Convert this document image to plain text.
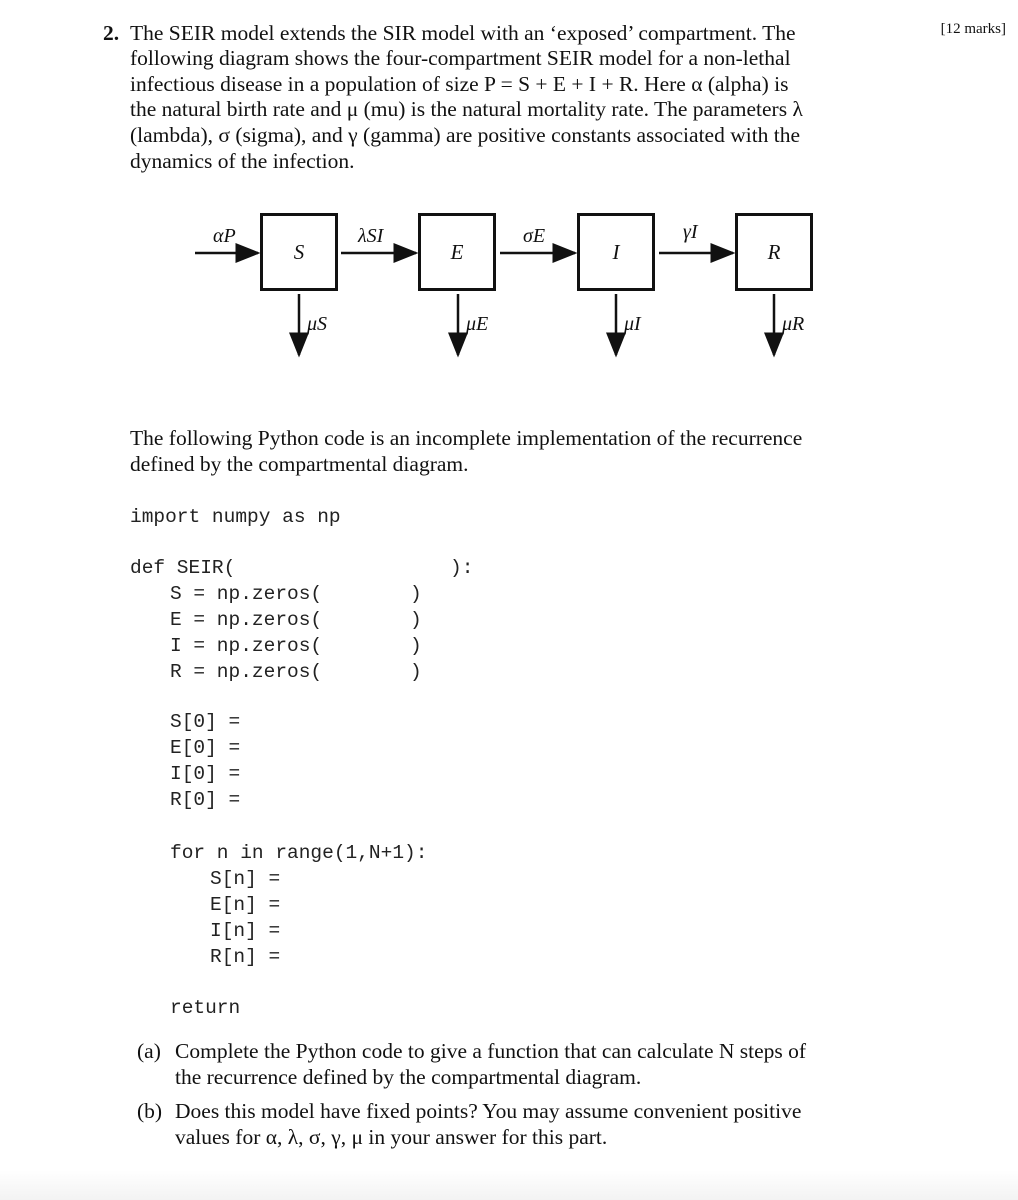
2.	[12 marks]
The SEIR model extends the SIR model with an ‘exposed’ compartment. The
following diagram shows the four-compartment SEIR model for a non-lethal
infectious disease in a population of size P = S + E + I + R. Here α (alpha) is
the natural birth rate and μ (mu) is the natural mortality rate. The parameters λ
(lambda), σ (sigma), and γ (gamma) are positive constants associated with the
dynamics of the infection.
S	E	I	R
αP	λSI	σE	γI
μS	μE	μI	μR
The following Python code is an incomplete implementation of the recurrence
defined by the compartmental diagram.
import numpy as np
def SEIR(	):
S = np.zeros(
E = np.zeros(
I = np.zeros(
R = np.zeros(
)
)
)
)
S[0] =
E[0] =
I[0] =
R[0] =
for n in range(1,N+1):
S[n] =
E[n] =
I[n] =
R[n] =
return
(a) Complete the Python code to give a function that can calculate N steps of
the recurrence defined by the compartmental diagram.
(b) Does this model have fixed points? You may assume convenient positive
values for α, λ, σ, γ, μ in your answer for this part.
